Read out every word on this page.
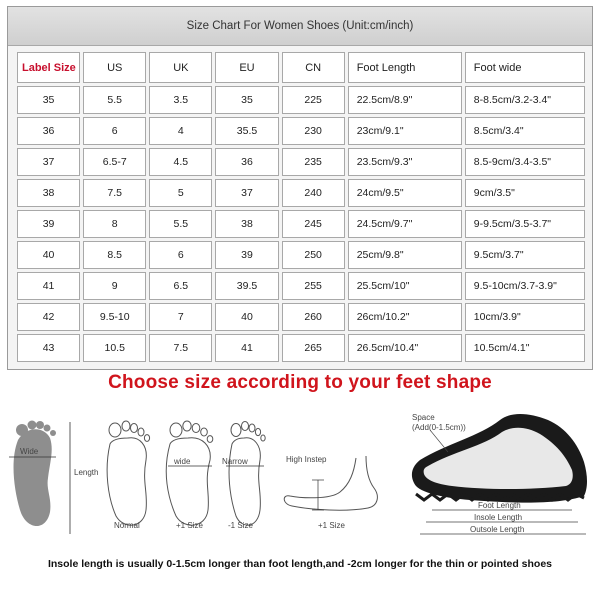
Size Chart For Women Shoes (Unit:cm/inch)
Label Size	US	UK	EU	CN	Foot Length	Foot wide
35	5.5	3.5	35	225	22.5cm/8.9"	8-8.5cm/3.2-3.4"
36	6	4	35.5	230	23cm/9.1"	8.5cm/3.4"
37	6.5-7	4.5	36	235	23.5cm/9.3"	8.5-9cm/3.4-3.5"
38	7.5	5	37	240	24cm/9.5"	9cm/3.5"
39	8	5.5	38	245	24.5cm/9.7"	9-9.5cm/3.5-3.7"
40	8.5	6	39	250	25cm/9.8"	9.5cm/3.7"
41	9	6.5	39.5	255	25.5cm/10"	9.5-10cm/3.7-3.9"
42	9.5-10	7	40	260	26cm/10.2"	10cm/3.9"
43	10.5	7.5	41	265	26.5cm/10.4"	10.5cm/4.1"
Choose size according to your feet shape
Wide
Length
Normal
wide
+1 Size
Narrow
-1 Size
High Instep
+1 Size
Space
(Add(0-1.5cm))
Foot Length
Insole Length
Outsole Length
Insole length is usually 0-1.5cm longer than foot length,and -2cm longer for the thin or pointed shoes
